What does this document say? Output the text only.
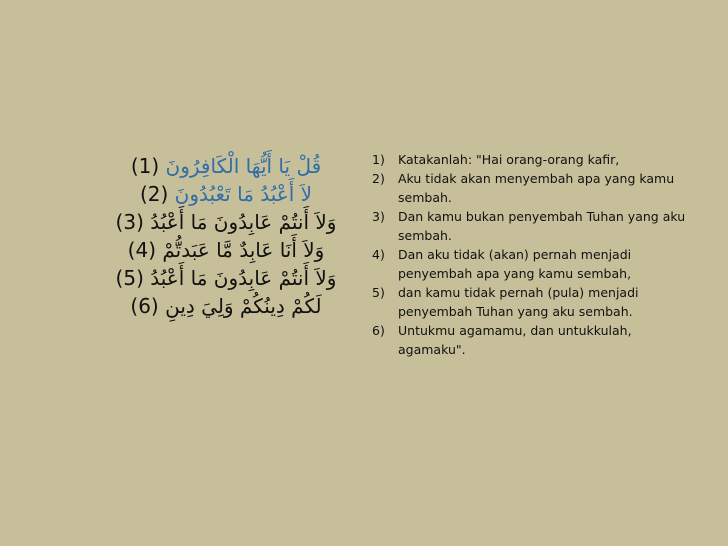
قُلْ يَا أَيُّهَا الْكَافِرُونَ (1)
لاَ أَعْبُدُ مَا تَعْبُدُونَ (2)
وَلاَ أَنتُمْ عَابِدُونَ مَا أَعْبُدُ (3)
وَلاَ أَنَا عَابِدٌ مَّا عَبَدتُّمْ (4)
وَلاَ أَنتُمْ عَابِدُونَ مَا أَعْبُدُ (5)
لَكُمْ دِينُكُمْ وَلِيَ دِينِ (6)
1)	Katakanlah: "Hai orang-orang kafir,
2)	Aku tidak akan menyembah apa yang kamu sembah.
3)	Dan kamu bukan penyembah Tuhan yang aku sembah.
4)	Dan aku tidak (akan) pernah menjadi penyembah apa yang kamu sembah,
5)	dan kamu tidak pernah (pula) menjadi penyembah Tuhan yang aku sembah.
6)	Untukmu agamamu, dan untukkulah, agamaku".
